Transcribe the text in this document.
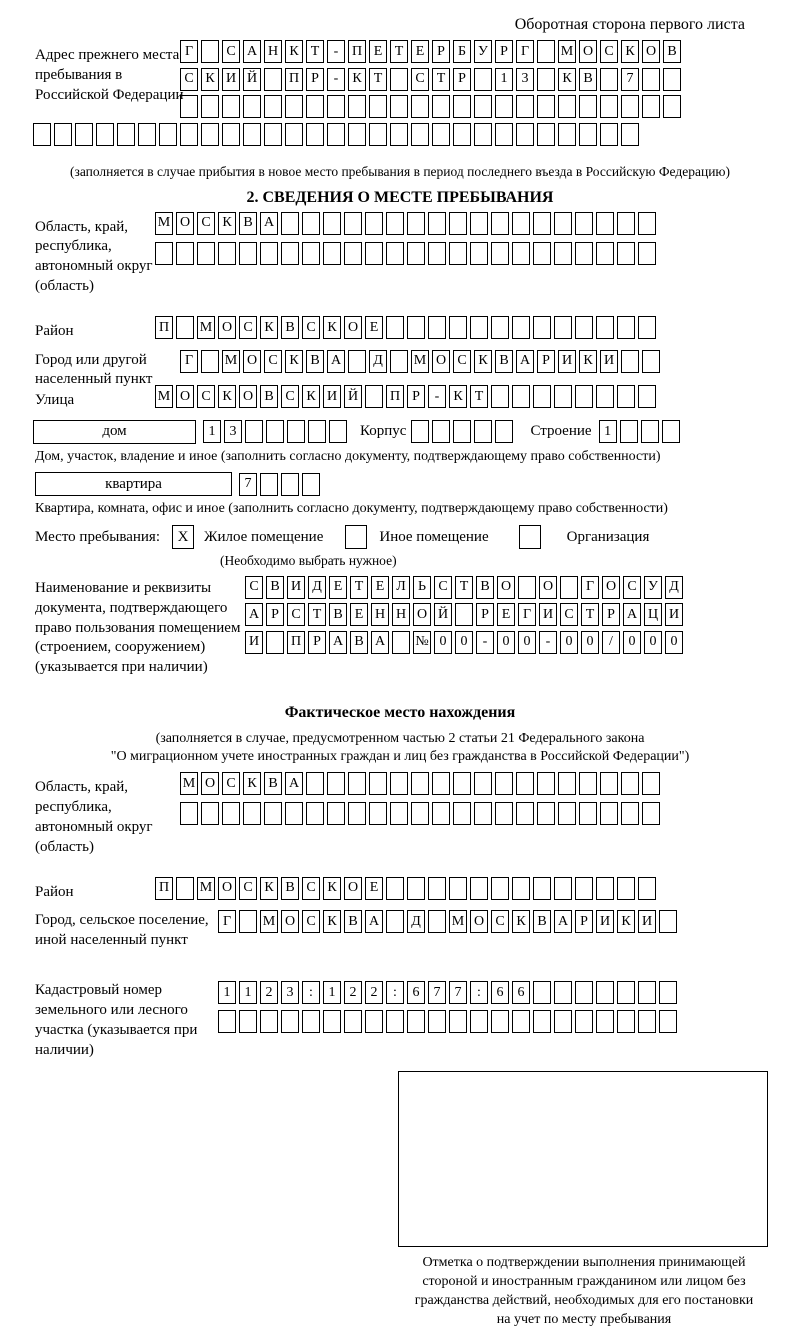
Оборотная сторона первого листа
Адрес прежнего места пребывания в Российской Федерации
Г	С А Н К Т	- П Е Т Е Р Б У Р Г	М О С К О В
С К И Й П Р	-	К Т	С Т Р	1	3	К В	7
(заполняется в случае прибытия в новое место пребывания в период последнего въезда в Российскую Федерацию)
2. СВЕДЕНИЯ О МЕСТЕ ПРЕБЫВАНИЯ
Область, край, республика, автономный округ (область)
М О С К В А
Район	П М О С К В С К О Е
Город или другой населенный пункт
Г	М О С К В А	Д	М О С К В А Р И К И
Улица	М О С К О В С К И Й П Р	-	К Т
дом	1	3	Корпус	Строение 1
Дом, участок, владение и иное (заполнить согласно документу, подтверждающему право собственности)
квартира	7
Квартира, комната, офис и иное (заполнить согласно документу, подтверждающему право собственности)
Место пребывания:	X	Жилое помещение	Иное помещение	Организация
(Необходимо выбрать нужное)
Наименование и реквизиты документа, подтверждающего право пользования помещением (строением, сооружением) (указывается при наличии)
С В И Д Е Т Е Л Ь С Т В О О	Г О С У Д
А Р С Т В Е Н Н О Й	Р Е Г И С Т Р А Ц И
И П Р А В А № 0	0	-	0	0	-	0	0	/	0	0	0
Фактическое место нахождения
(заполняется в случае, предусмотренном частью 2 статьи 21 Федерального закона
"О миграционном учете иностранных граждан и лиц без гражданства в Российской Федерации")
Область, край, республика, автономный округ (область)
М О С К В А
Район	П М О С К В С К О Е
Город, сельское поселение, иной населенный пункт
Г	М О С К В А	Д	М О С К В А Р И К И
Кадастровый номер земельного или лесного участка (указывается при наличии)
1	1	2	3	:	1	2	2	:	6	7	7	:	6	6
Отметка о подтверждении выполнения принимающей
стороной и иностранным гражданином или лицом без
гражданства действий, необходимых для его постановки
на учет по месту пребывания
